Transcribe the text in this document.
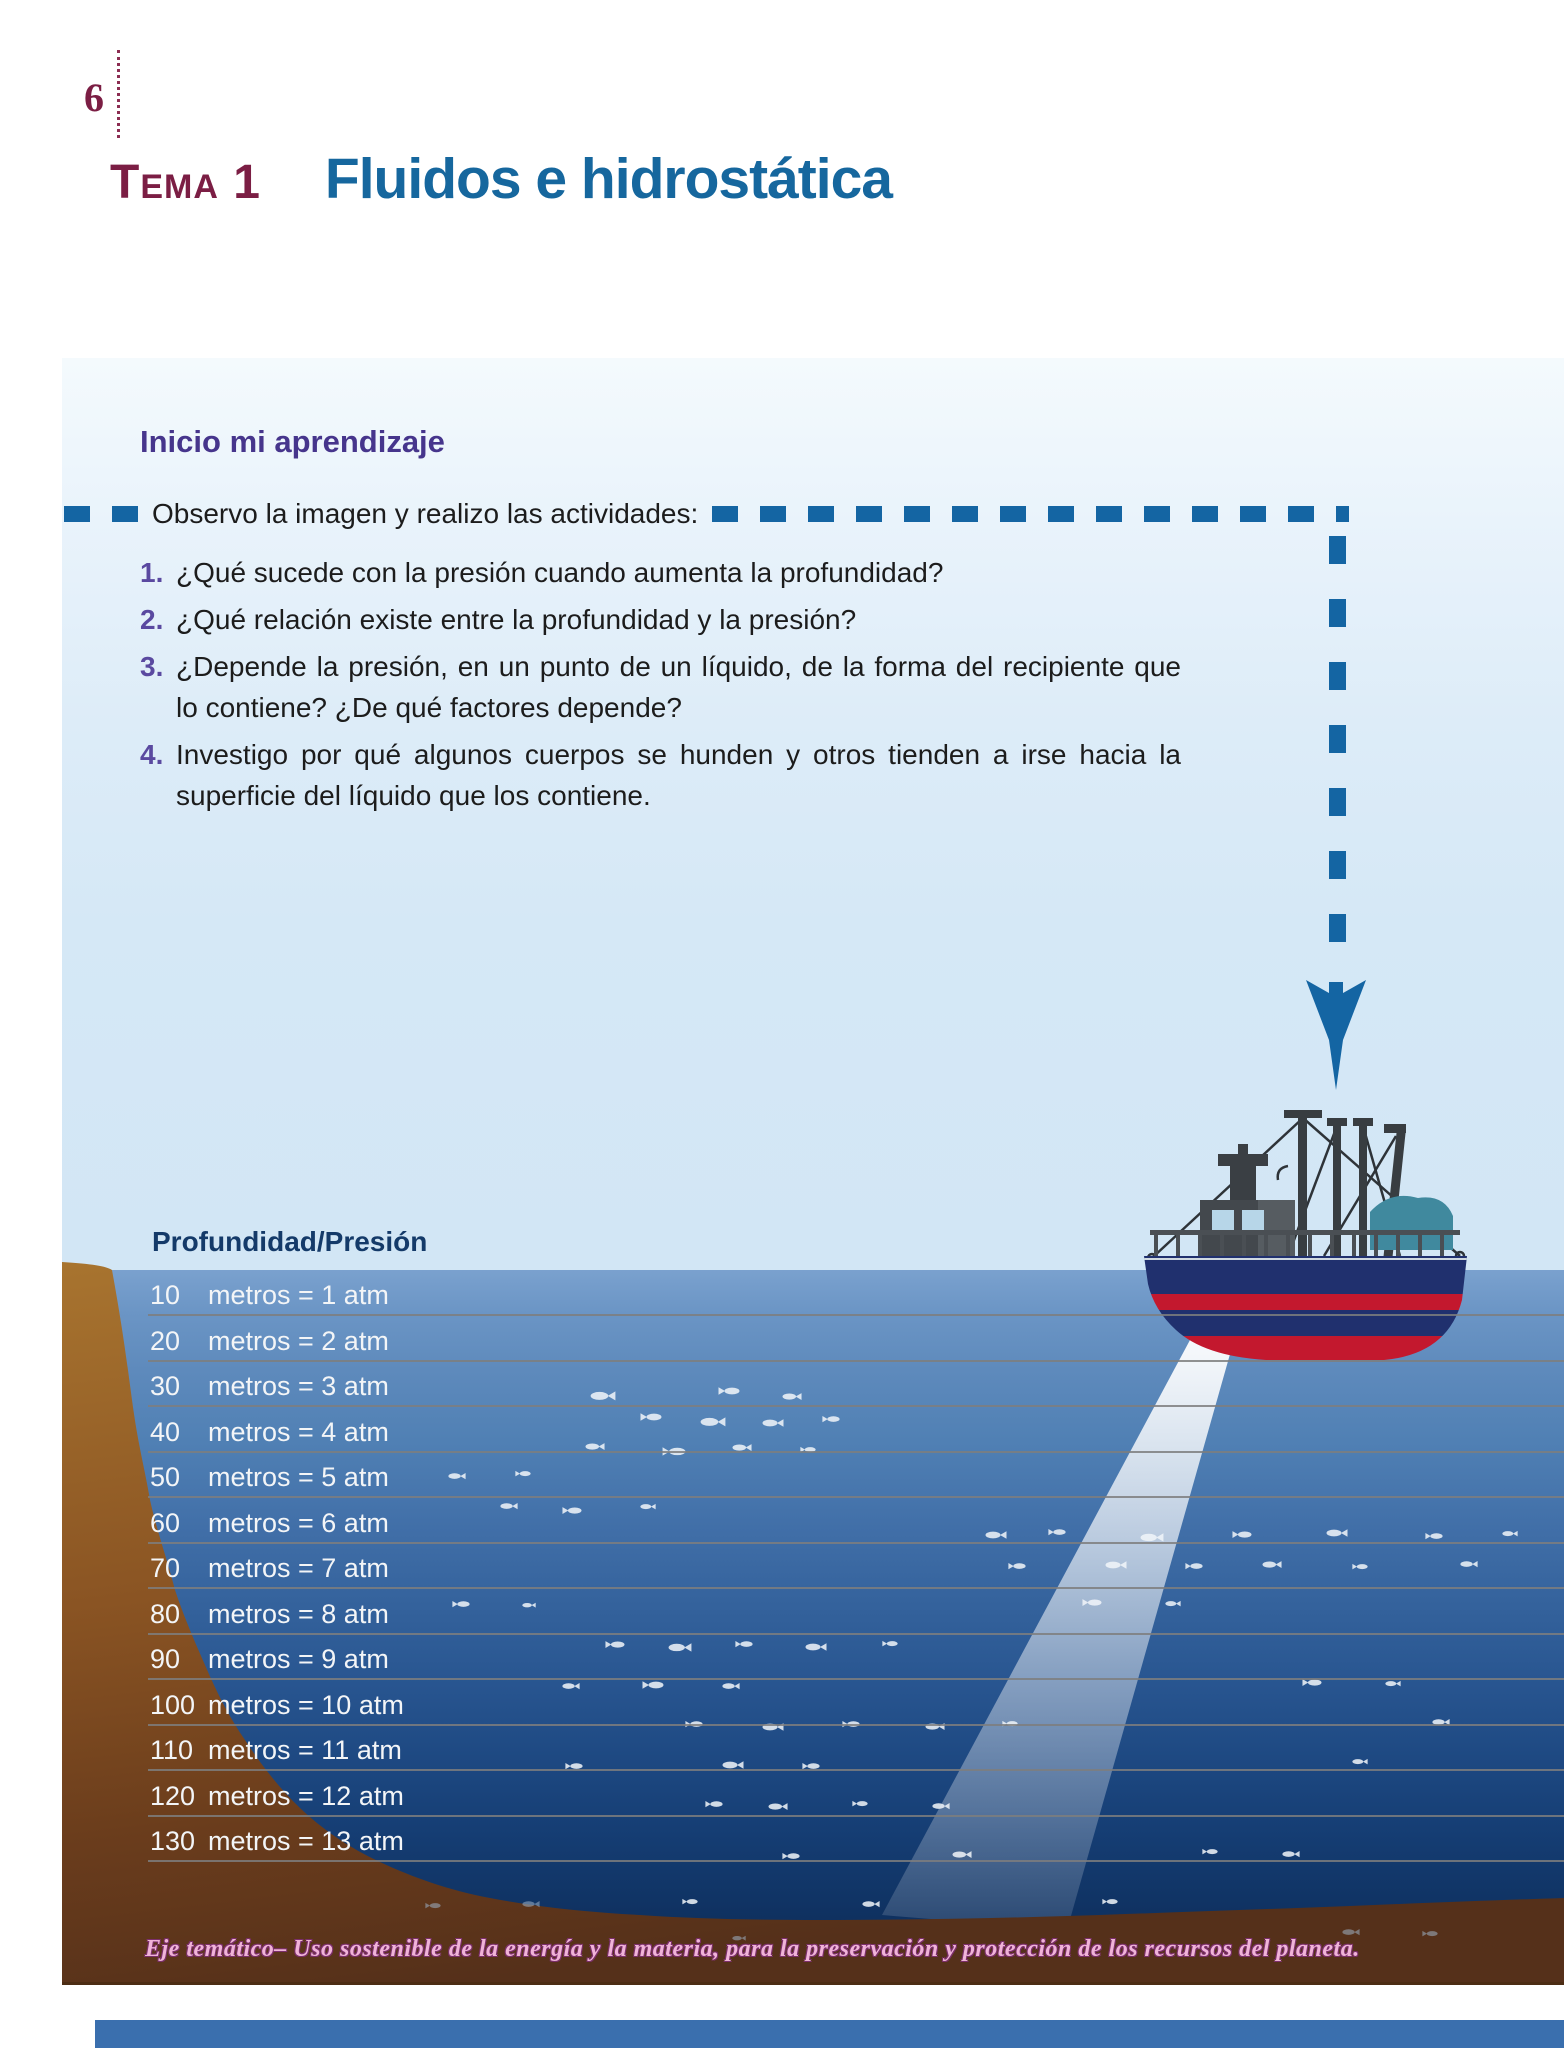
6
Tema 1 Fluidos e hidrostática
Inicio mi aprendizaje
Observo la imagen y realizo las actividades:
1. ¿Qué sucede con la presión cuando aumenta la profundidad?
2. ¿Qué relación existe entre la profundidad y la presión?
3. ¿Depende la presión, en un punto de un líquido, de la forma del recipiente que lo contiene? ¿De qué factores depende?
4. Investigo por qué algunos cuerpos se hunden y otros tienden a irse hacia la superficie del líquido que los contiene.
10 metros = 1 atm
20 metros = 2 atm
30 metros = 3 atm
40 metros = 4 atm
50 metros = 5 atm
60 metros = 6 atm
70 metros = 7 atm
80 metros = 8 atm
90 metros = 9 atm
100 metros = 10 atm
110 metros = 11 atm
120 metros = 12 atm
130 metros = 13 atm
Profundidad/Presión
Eje temático– Uso sostenible de la energía y la materia, para la preservación y protección de los recursos del planeta.
